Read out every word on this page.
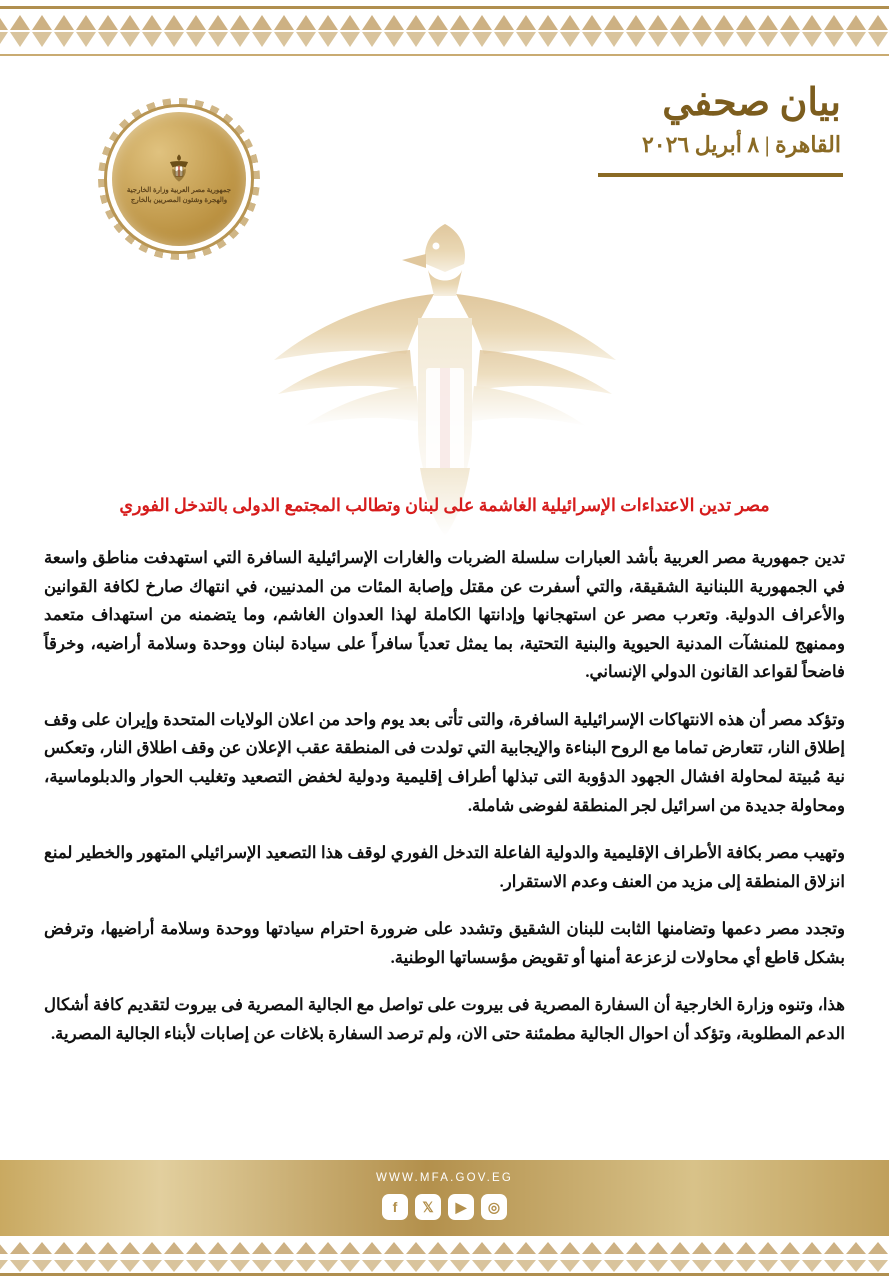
بيان صحفي
القاهرة | ٨ أبريل ٢٠٢٦
جمهورية مصر العربية وزارة الخارجية والهجرة وشئون المصريين بالخارج

مصر تدين الاعتداءات الإسرائيلية الغاشمة على لبنان وتطالب المجتمع الدولى بالتدخل الفوري

تدين جمهورية مصر العربية بأشد العبارات سلسلة الضربات والغارات الإسرائيلية السافرة التي استهدفت مناطق واسعة في الجمهورية اللبنانية الشقيقة، والتي أسفرت عن مقتل وإصابة المئات من المدنيين، في انتهاك صارخ لكافة القوانين والأعراف الدولية. وتعرب مصر عن استهجانها وإدانتها الكاملة لهذا العدوان الغاشم، وما يتضمنه من استهداف متعمد وممنهج للمنشآت المدنية الحيوية والبنية التحتية، بما يمثل تعدياً سافراً على سيادة لبنان ووحدة وسلامة أراضيه، وخرقاً فاضحاً لقواعد القانون الدولي الإنساني.

وتؤكد مصر أن هذه الانتهاكات الإسرائيلية السافرة، والتى تأتى بعد يوم واحد من اعلان الولايات المتحدة وإيران على وقف إطلاق النار، تتعارض تماما مع الروح البناءة والإيجابية التي تولدت فى المنطقة عقب الإعلان عن وقف اطلاق النار، وتعكس نية مُبيتة لمحاولة افشال الجهود الدؤوبة التى تبذلها أطراف إقليمية ودولية لخفض التصعيد وتغليب الحوار والدبلوماسية، ومحاولة جديدة من اسرائيل لجر المنطقة لفوضى شاملة.

وتهيب مصر بكافة الأطراف الإقليمية والدولية الفاعلة التدخل الفوري لوقف هذا التصعيد الإسرائيلي المتهور والخطير لمنع انزلاق المنطقة إلى مزيد من العنف وعدم الاستقرار.

وتجدد مصر دعمها وتضامنها الثابت للبنان الشقيق وتشدد على ضرورة احترام سيادتها ووحدة وسلامة أراضيها، وترفض بشكل قاطع أي محاولات لزعزعة أمنها أو تقويض مؤسساتها الوطنية.

هذا، وتنوه وزارة الخارجية أن السفارة المصرية فى بيروت على تواصل مع الجالية المصرية فى بيروت لتقديم كافة أشكال الدعم المطلوبة، وتؤكد أن احوال الجالية مطمئنة حتى الان، ولم ترصد السفارة بلاغات عن إصابات لأبناء الجالية المصرية.

WWW.MFA.GOV.EG
f	𝕏	▶	◎
